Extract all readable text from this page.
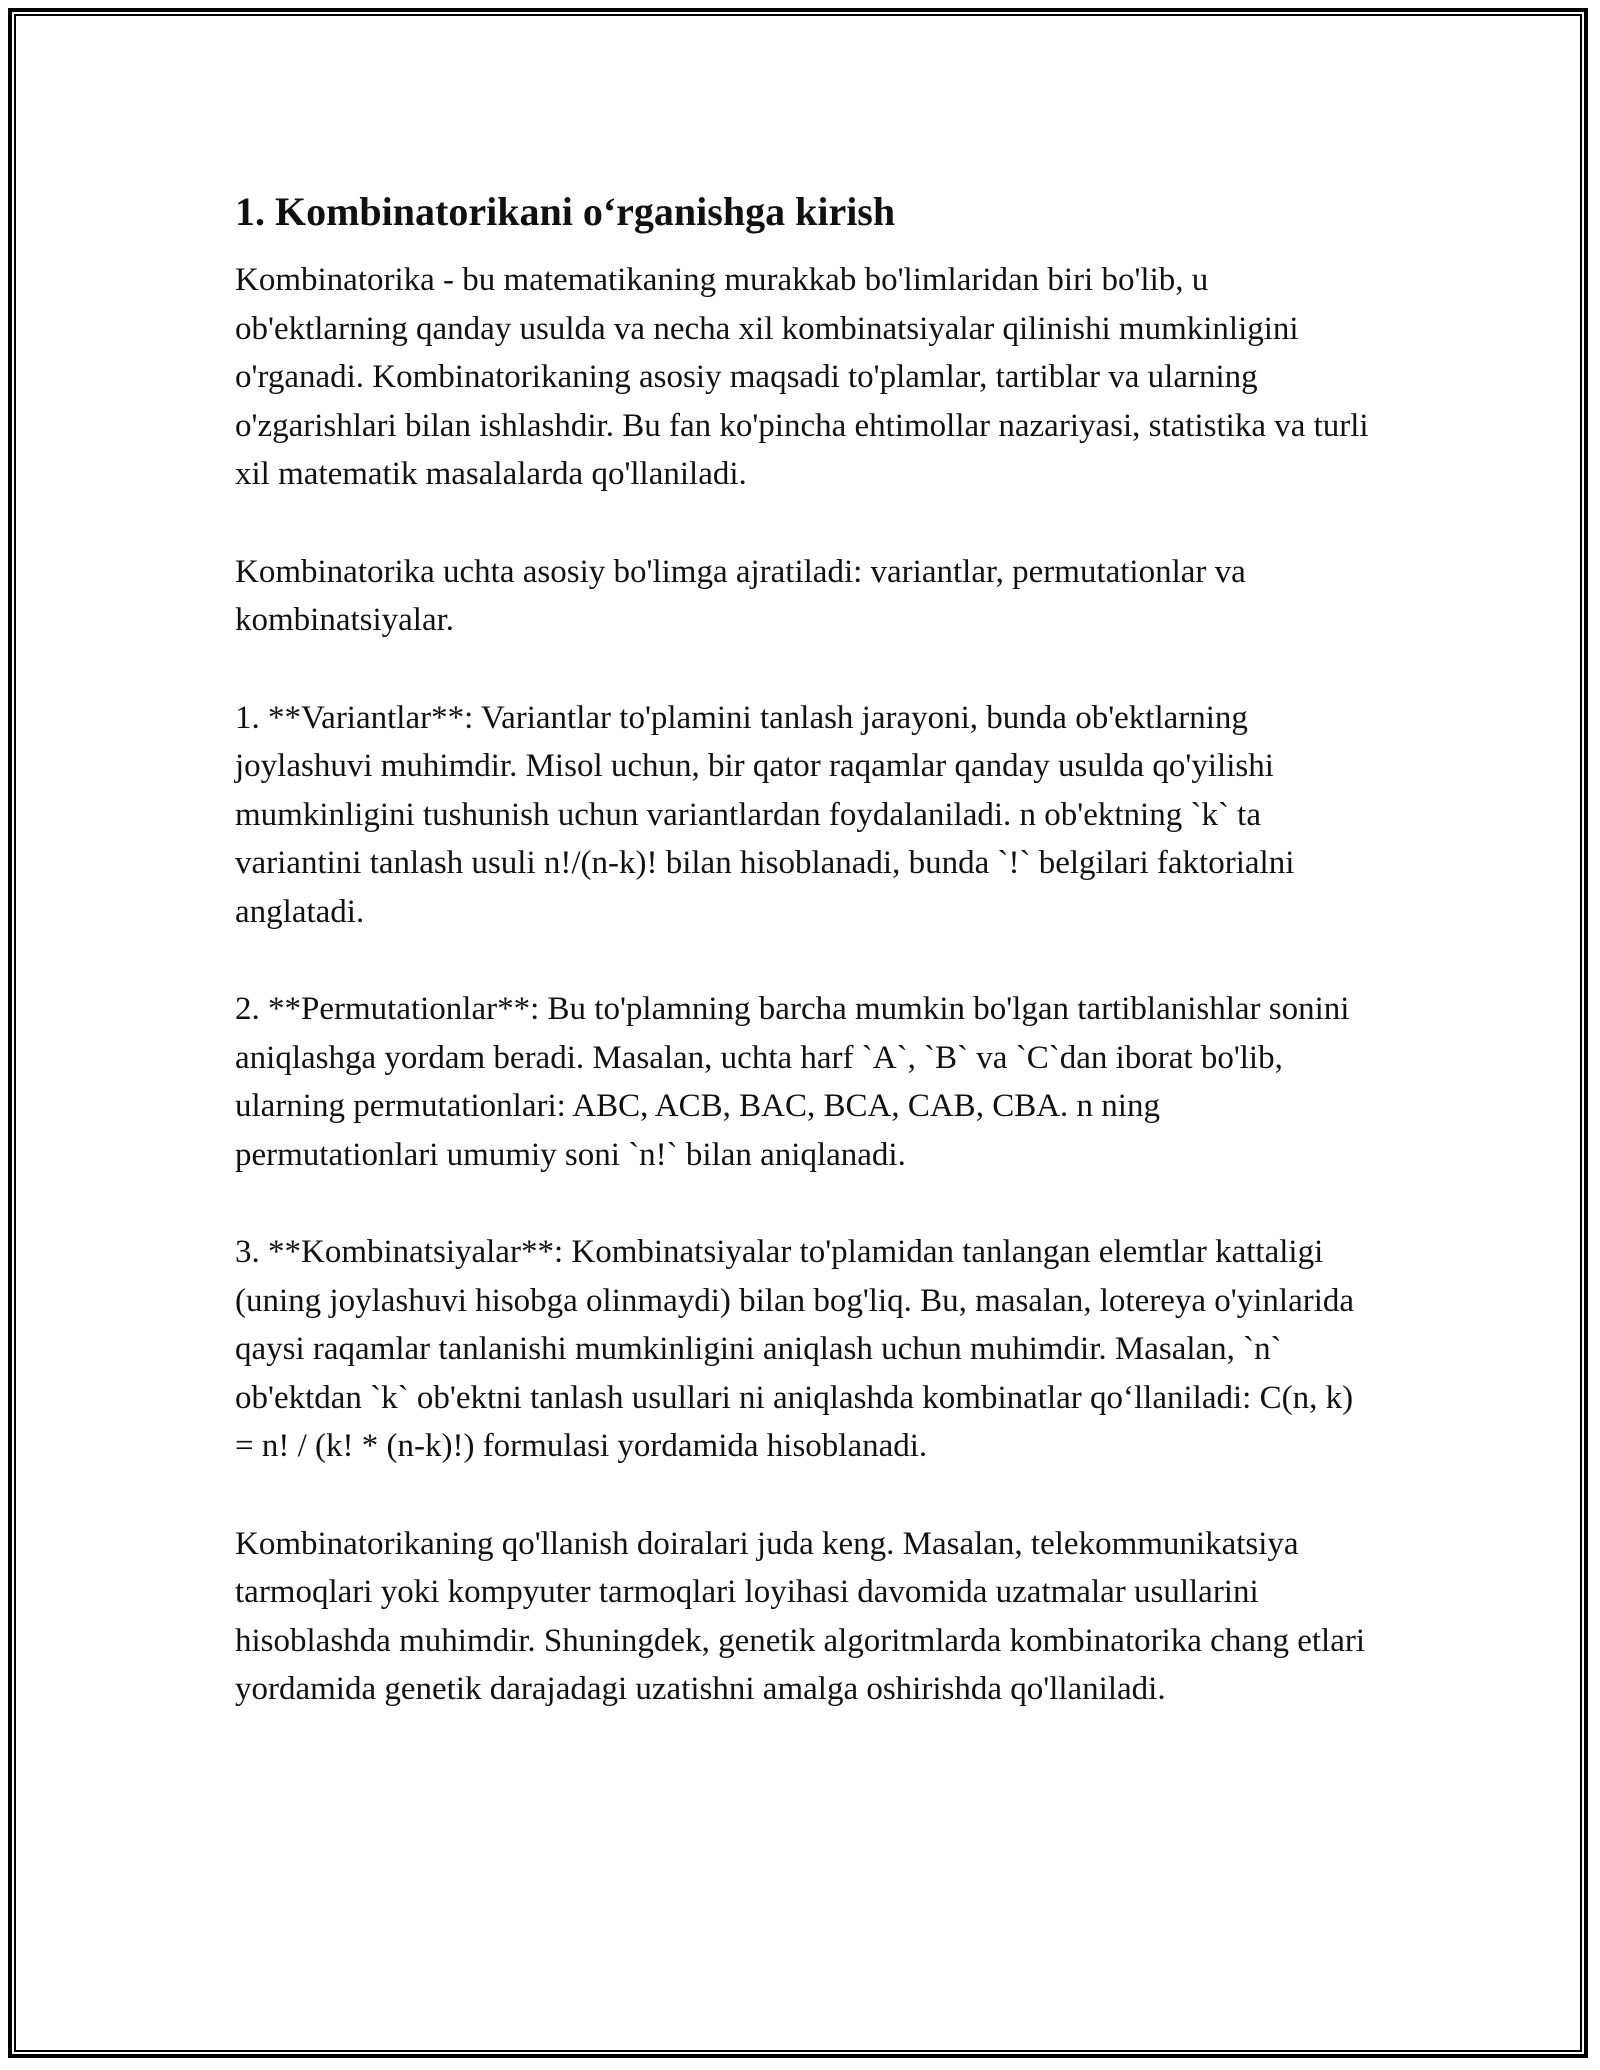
1. Kombinatorikani o‘rganishga kirish

Kombinatorika - bu matematikaning murakkab bo'limlaridan biri bo'lib, u ob'ektlarning qanday usulda va necha xil kombinatsiyalar qilinishi mumkinligini o'rganadi. Kombinatorikaning asosiy maqsadi to'plamlar, tartiblar va ularning o'zgarishlari bilan ishlashdir. Bu fan ko'pincha ehtimollar nazariyasi, statistika va turli xil matematik masalalarda qo'llaniladi.

Kombinatorika uchta asosiy bo'limga ajratiladi: variantlar, permutationlar va kombinatsiyalar.

1. **Variantlar**: Variantlar to'plamini tanlash jarayoni, bunda ob'ektlarning joylashuvi muhimdir. Misol uchun, bir qator raqamlar qanday usulda qo'yilishi mumkinligini tushunish uchun variantlardan foydalaniladi. n ob'ektning `k` ta variantini tanlash usuli n!/(n-k)! bilan hisoblanadi, bunda `!` belgilari faktorialni anglatadi.

2. **Permutationlar**: Bu to'plamning barcha mumkin bo'lgan tartiblanishlar sonini aniqlashga yordam beradi. Masalan, uchta harf `A`, `B` va `C`dan iborat bo'lib, ularning permutationlari: ABC, ACB, BAC, BCA, CAB, CBA. n ning permutationlari umumiy soni `n!` bilan aniqlanadi.

3. **Kombinatsiyalar**: Kombinatsiyalar to'plamidan tanlangan elemtlar kattaligi (uning joylashuvi hisobga olinmaydi) bilan bog'liq. Bu, masalan, lotereya o'yinlarida qaysi raqamlar tanlanishi mumkinligini aniqlash uchun muhimdir. Masalan, `n` ob'ektdan `k` ob'ektni tanlash usullari ni aniqlashda kombinatlar qo‘llaniladi: C(n, k) = n! / (k! * (n-k)!) formulasi yordamida hisoblanadi.

Kombinatorikaning qo'llanish doiralari juda keng. Masalan, telekommunikatsiya tarmoqlari yoki kompyuter tarmoqlari loyihasi davomida uzatmalar usullarini hisoblashda muhimdir. Shuningdek, genetik algoritmlarda kombinatorika chang etlari yordamida genetik darajadagi uzatishni amalga oshirishda qo'llaniladi.
